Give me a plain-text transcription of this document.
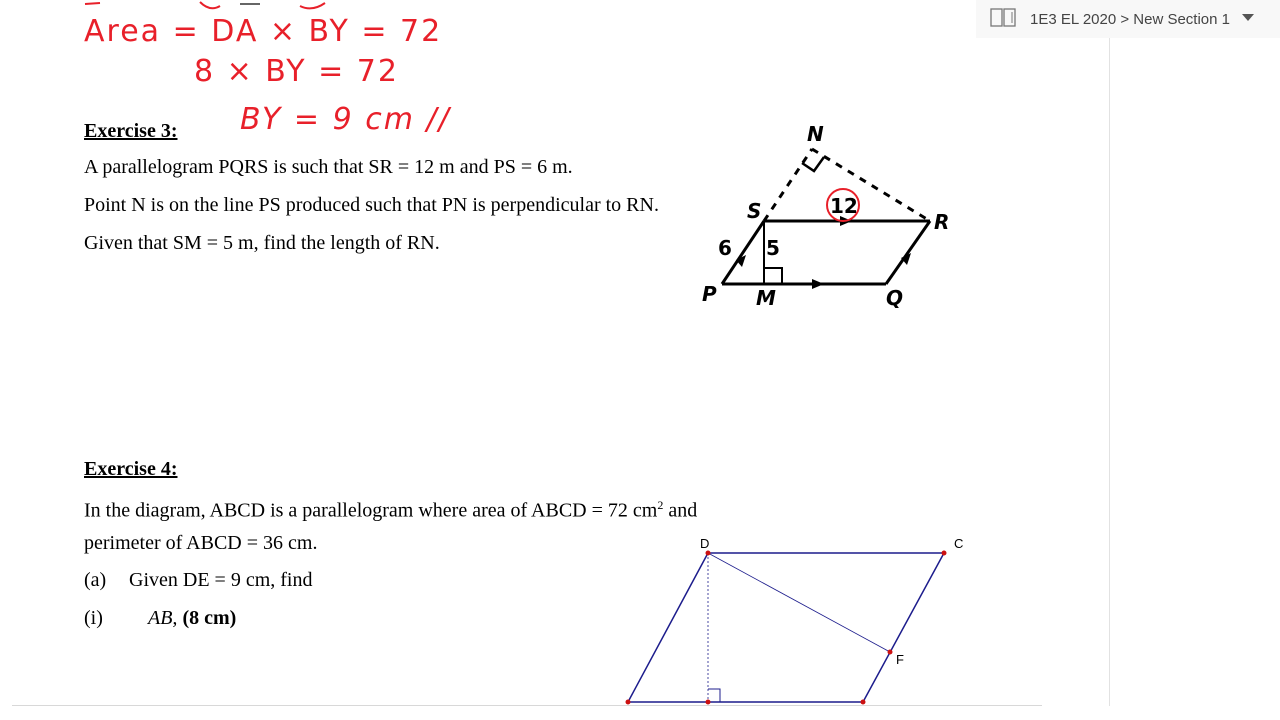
1E3 EL 2020 > New Section 1
Area = DA × BY = 72
8 × BY = 72
BY = 9 cm //
Exercise 3:
A parallelogram PQRS is such that SR = 12 m and PS = 6 m.
Point N is on the line PS produced such that PN is perpendicular to RN.
Given that SM = 5 m, find the length of RN.
N
S	R
P M	Q
6 5
12
Exercise 4:
In the diagram, ABCD is a parallelogram where area of ABCD = 72 $cm^2$ and
perimeter of ABCD = 36 cm.
(a) Given DE = 9 cm, find
(i) AB, (8 cm)
D	C
F
